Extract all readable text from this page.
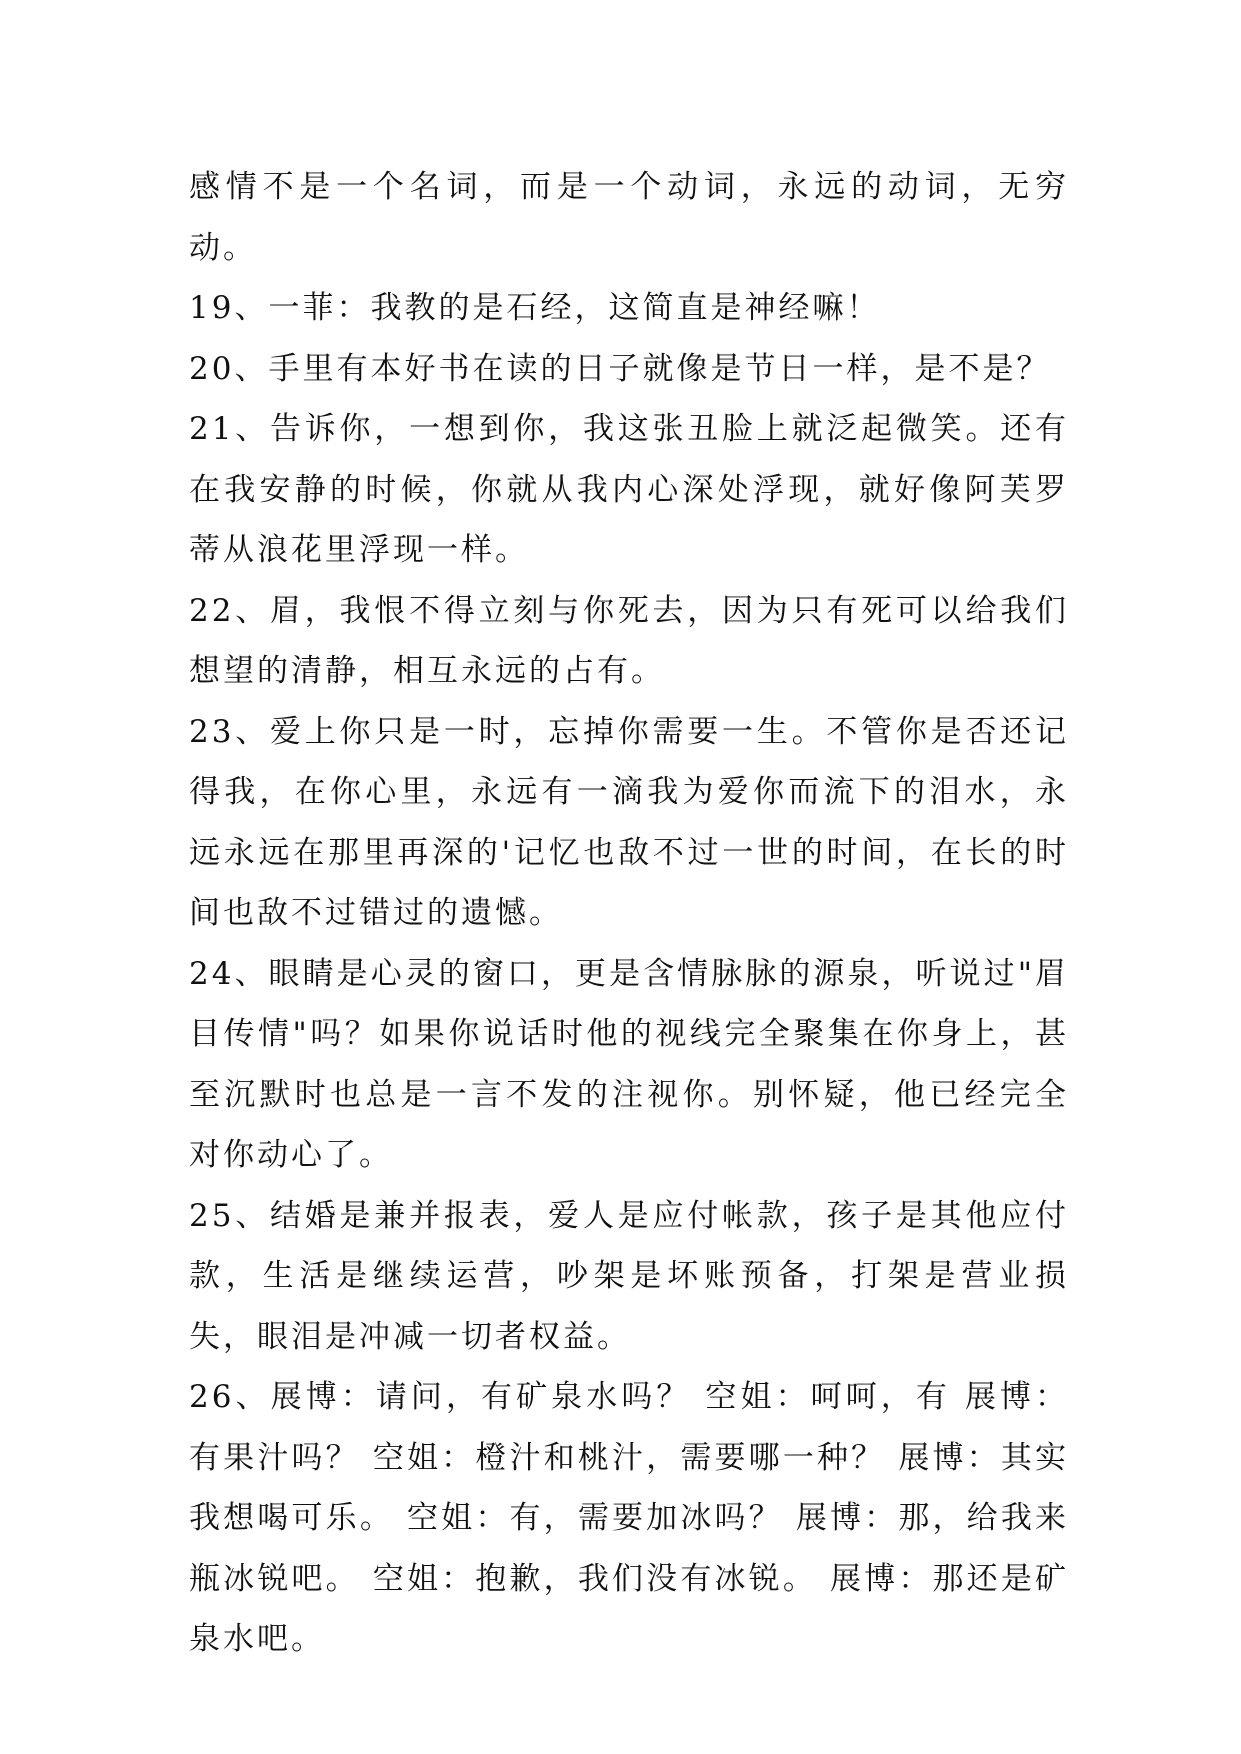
感情不是一个名词，而是一个动词，永远的动词，无穷动。

19、一菲：我教的是石经，这简直是神经嘛！

20、手里有本好书在读的日子就像是节日一样，是不是？

21、告诉你，一想到你，我这张丑脸上就泛起微笑。还有在我安静的时候，你就从我内心深处浮现，就好像阿芙罗蒂从浪花里浮现一样。

22、眉，我恨不得立刻与你死去，因为只有死可以给我们想望的清静，相互永远的占有。

23、爱上你只是一时，忘掉你需要一生。不管你是否还记得我，在你心里，永远有一滴我为爱你而流下的泪水，永远永远在那里再深的'记忆也敌不过一世的时间，在长的时间也敌不过错过的遗憾。

24、眼睛是心灵的窗口，更是含情脉脉的源泉，听说过"眉目传情"吗？如果你说话时他的视线完全聚集在你身上，甚至沉默时也总是一言不发的注视你。别怀疑，他已经完全对你动心了。

25、结婚是兼并报表，爱人是应付帐款，孩子是其他应付款，生活是继续运营，吵架是坏账预备，打架是营业损失，眼泪是冲减一切者权益。

26、展博：请问，有矿泉水吗？ 空姐：呵呵，有 展博：有果汁吗？ 空姐：橙汁和桃汁，需要哪一种？ 展博：其实我想喝可乐。 空姐：有，需要加冰吗？ 展博：那，给我来瓶冰锐吧。 空姐：抱歉，我们没有冰锐。 展博：那还是矿泉水吧。
